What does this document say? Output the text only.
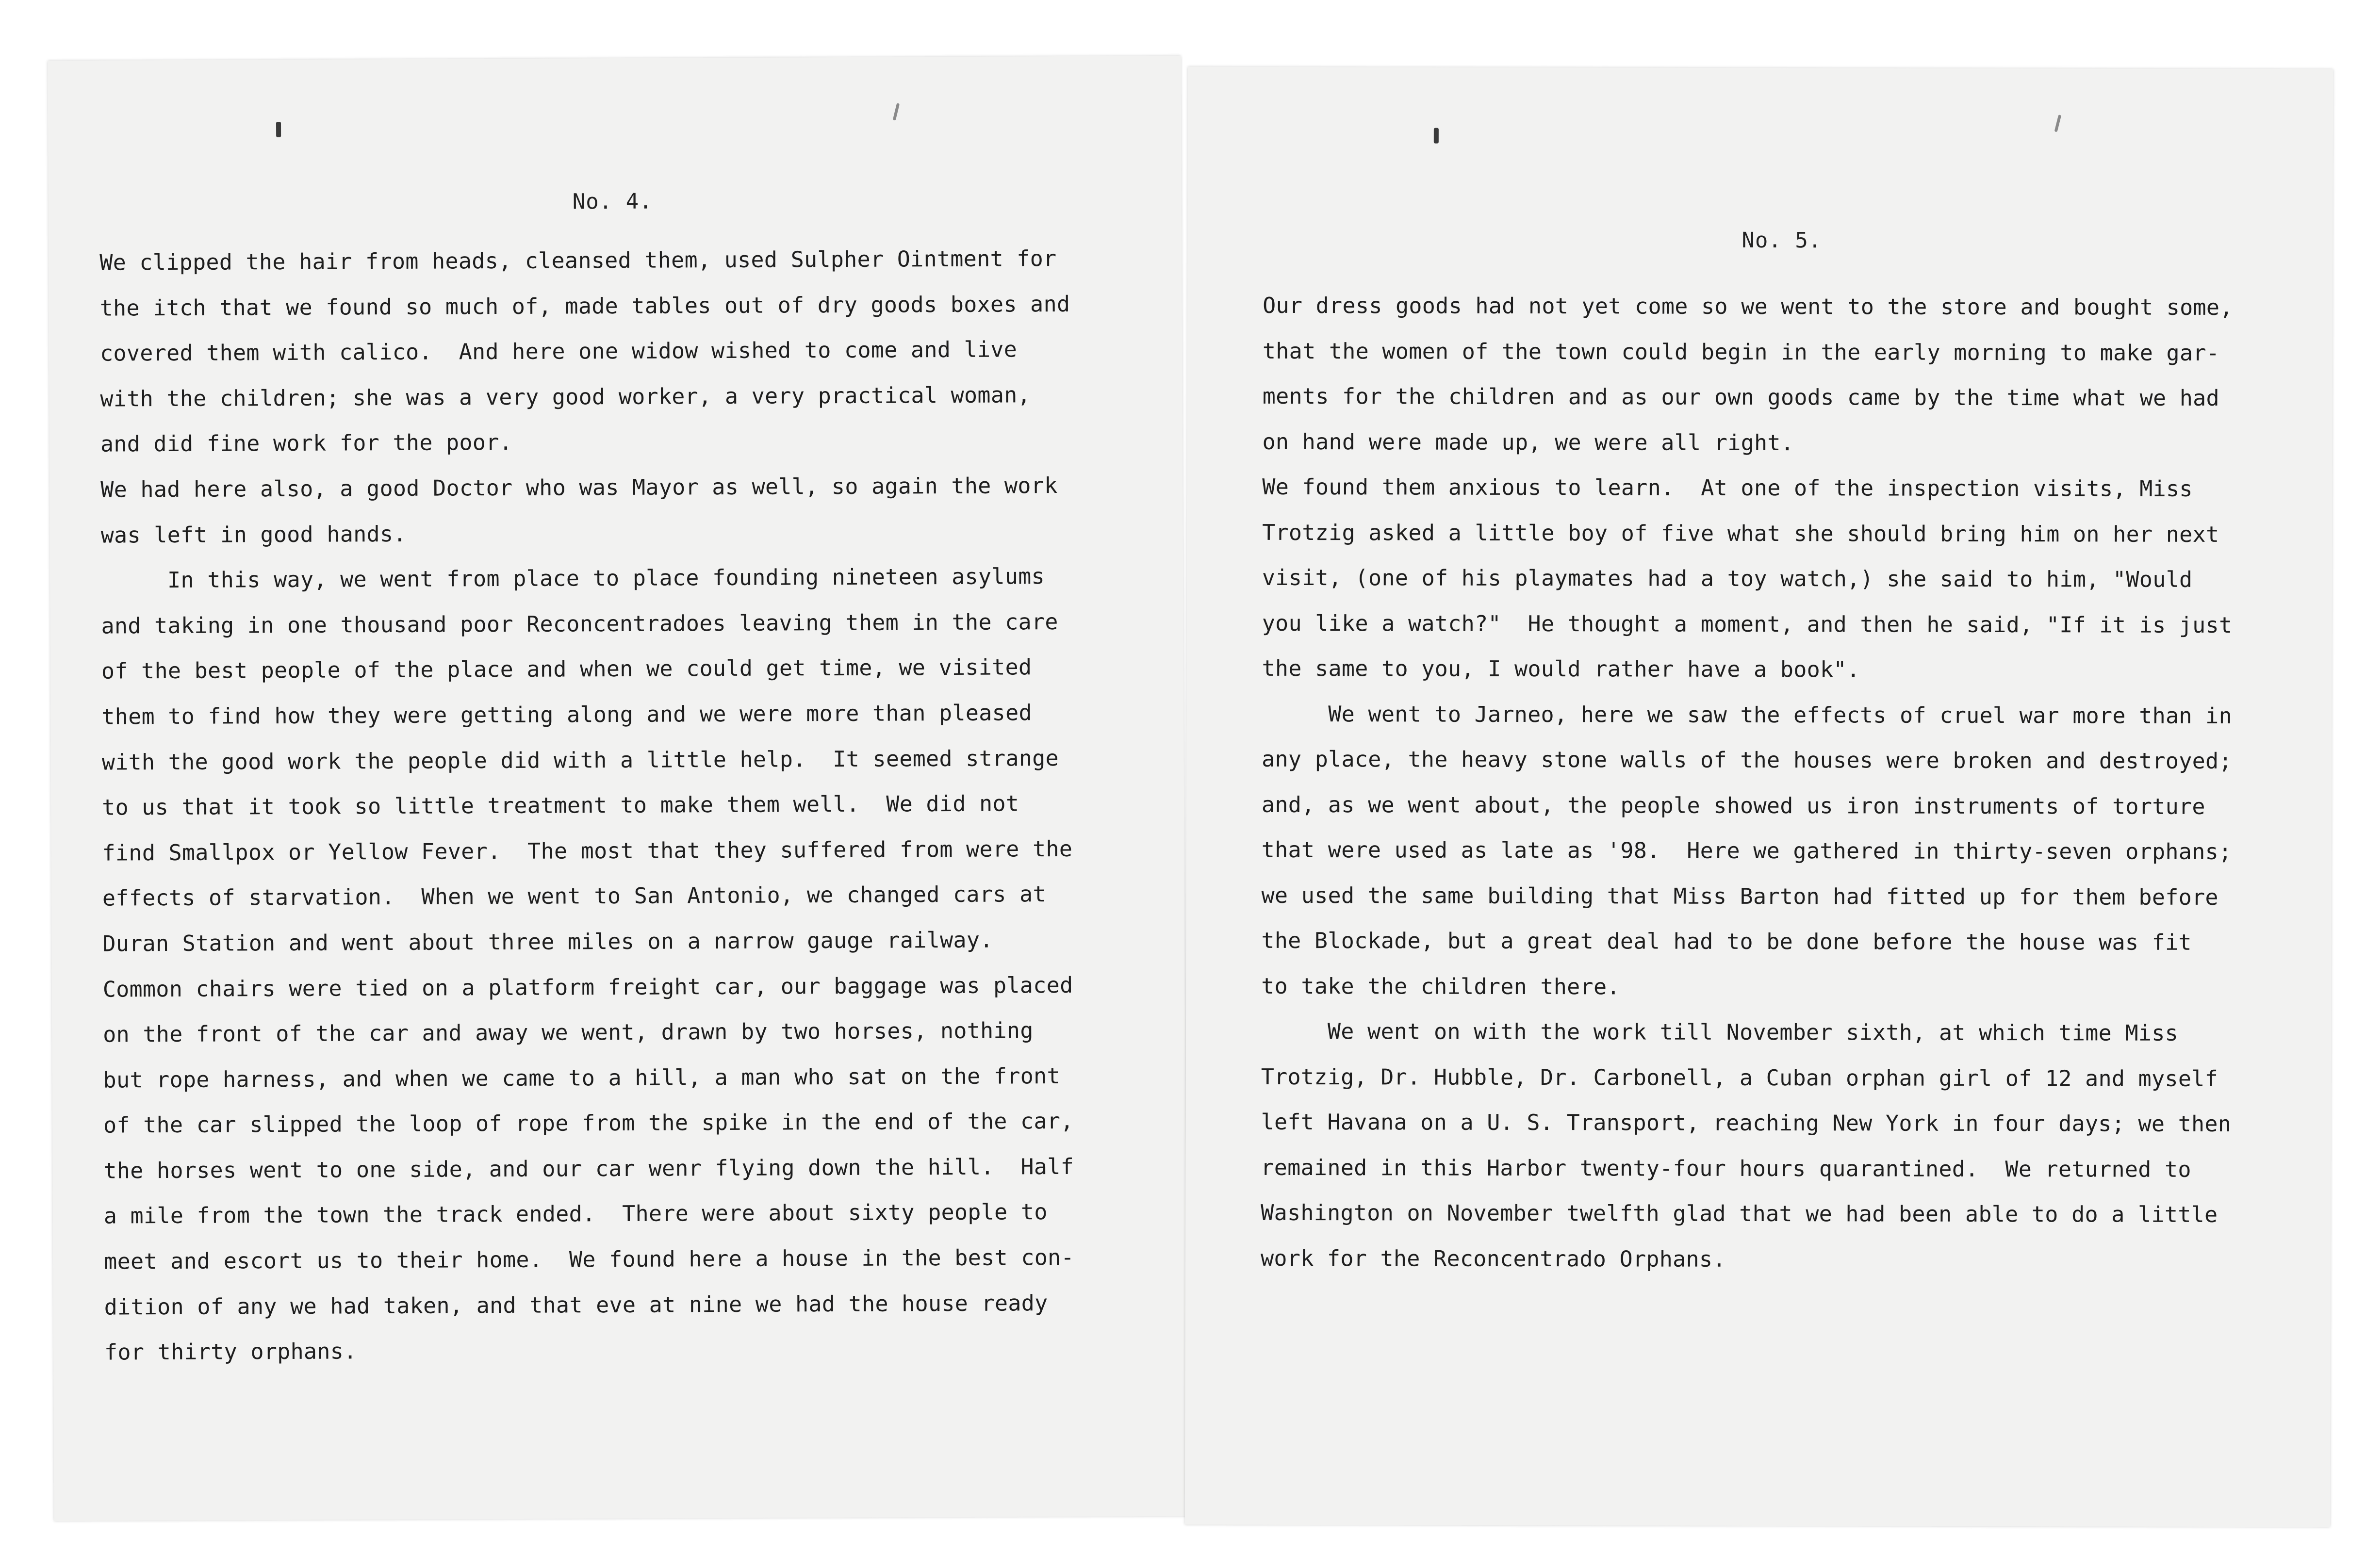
No. 4.
We clipped the hair from heads, cleansed them, used Sulpher Ointment for
the itch that we found so much of, made tables out of dry goods boxes and
covered them with calico.  And here one widow wished to come and live
with the children; she was a very good worker, a very practical woman,
and did fine work for the poor.
We had here also, a good Doctor who was Mayor as well, so again the work
was left in good hands.
In this way, we went from place to place founding nineteen asylums
and taking in one thousand poor Reconcentradoes leaving them in the care
of the best people of the place and when we could get time, we visited
them to find how they were getting along and we were more than pleased
with the good work the people did with a little help.  It seemed strange
to us that it took so little treatment to make them well.  We did not
find Smallpox or Yellow Fever.  The most that they suffered from were the
effects of starvation.  When we went to San Antonio, we changed cars at
Duran Station and went about three miles on a narrow gauge railway.
Common chairs were tied on a platform freight car, our baggage was placed
on the front of the car and away we went, drawn by two horses, nothing
but rope harness, and when we came to a hill, a man who sat on the front
of the car slipped the loop of rope from the spike in the end of the car,
the horses went to one side, and our car wenr flying down the hill.  Half
a mile from the town the track ended.  There were about sixty people to
meet and escort us to their home.  We found here a house in the best con-
dition of any we had taken, and that eve at nine we had the house ready
for thirty orphans.
No. 5.
Our dress goods had not yet come so we went to the store and bought some,
that the women of the town could begin in the early morning to make gar-
ments for the children and as our own goods came by the time what we had
on hand were made up, we were all right.
We found them anxious to learn.  At one of the inspection visits, Miss
Trotzig asked a little boy of five what she should bring him on her next
visit, (one of his playmates had a toy watch,) she said to him, "Would
you like a watch?"  He thought a moment, and then he said, "If it is just
the same to you, I would rather have a book".
We went to Jarneo, here we saw the effects of cruel war more than in
any place, the heavy stone walls of the houses were broken and destroyed;
and, as we went about, the people showed us iron instruments of torture
that were used as late as '98.  Here we gathered in thirty-seven orphans;
we used the same building that Miss Barton had fitted up for them before
the Blockade, but a great deal had to be done before the house was fit
to take the children there.
We went on with the work till November sixth, at which time Miss
Trotzig, Dr. Hubble, Dr. Carbonell, a Cuban orphan girl of 12 and myself
left Havana on a U. S. Transport, reaching New York in four days; we then
remained in this Harbor twenty-four hours quarantined.  We returned to
Washington on November twelfth glad that we had been able to do a little
work for the Reconcentrado Orphans.
